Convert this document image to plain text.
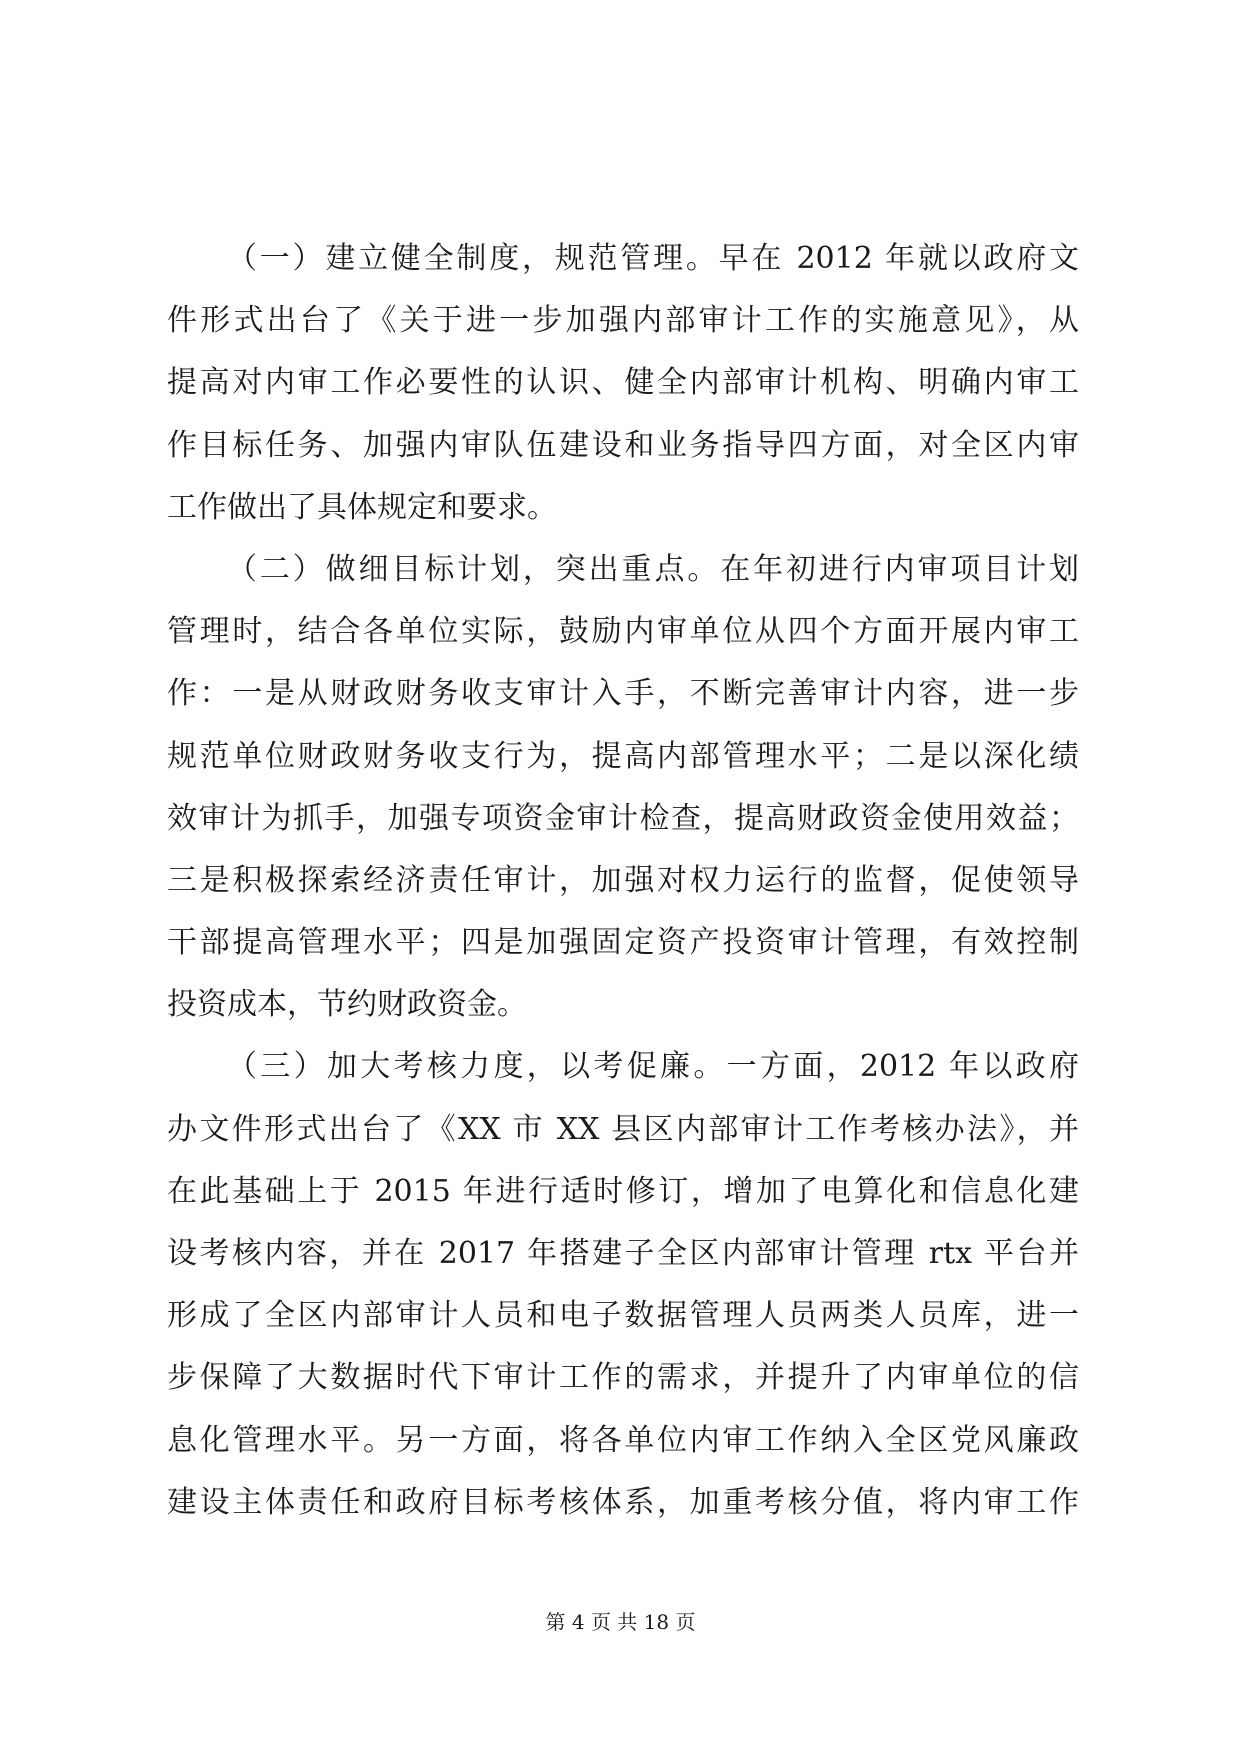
（一）建立健全制度，规范管理。早在 2012 年就以政府文
件形式出台了《关于进一步加强内部审计工作的实施意见》，从
提高对内审工作必要性的认识、健全内部审计机构、明确内审工
作目标任务、加强内审队伍建设和业务指导四方面，对全区内审
工作做出了具体规定和要求。
（二）做细目标计划，突出重点。在年初进行内审项目计划
管理时，结合各单位实际，鼓励内审单位从四个方面开展内审工
作：一是从财政财务收支审计入手，不断完善审计内容，进一步
规范单位财政财务收支行为，提高内部管理水平；二是以深化绩
效审计为抓手，加强专项资金审计检查，提高财政资金使用效益；
三是积极探索经济责任审计，加强对权力运行的监督，促使领导
干部提高管理水平；四是加强固定资产投资审计管理，有效控制
投资成本，节约财政资金。
（三）加大考核力度，以考促廉。一方面，2012 年以政府
办文件形式出台了《XX 市 XX 县区内部审计工作考核办法》，并
在此基础上于 2015 年进行适时修订，增加了电算化和信息化建
设考核内容，并在 2017 年搭建子全区内部审计管理 rtx 平台并
形成了全区内部审计人员和电子数据管理人员两类人员库，进一
步保障了大数据时代下审计工作的需求，并提升了内审单位的信
息化管理水平。另一方面，将各单位内审工作纳入全区党风廉政
建设主体责任和政府目标考核体系，加重考核分值，将内审工作
第 4 页 共 18 页
